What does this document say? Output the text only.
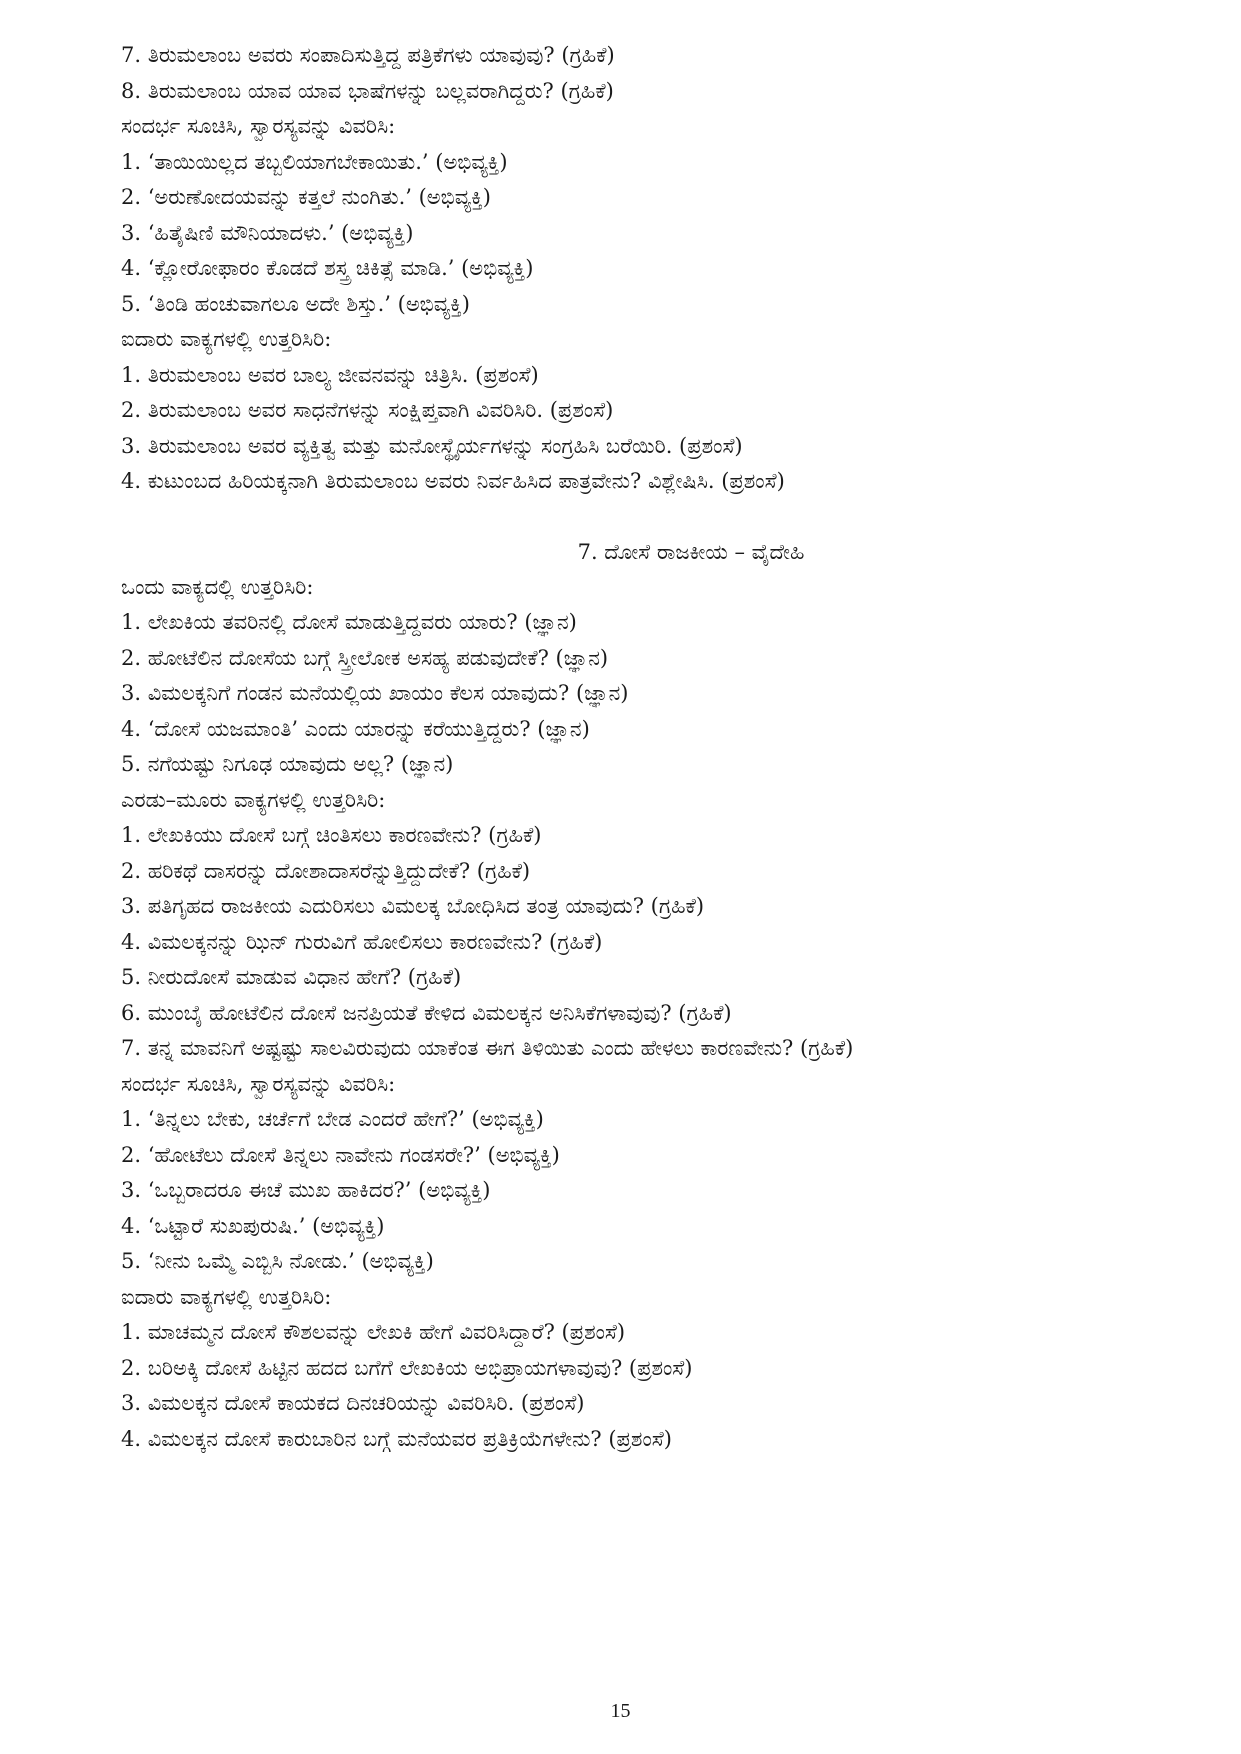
7. ತಿರುಮಲಾಂಬ ಅವರು ಸಂಪಾದಿಸುತ್ತಿದ್ದ ಪತ್ರಿಕೆಗಳು ಯಾವುವು? (ಗ್ರಹಿಕೆ)
8. ತಿರುಮಲಾಂಬ ಯಾವ ಯಾವ ಭಾಷೆಗಳನ್ನು ಬಲ್ಲವರಾಗಿದ್ದರು? (ಗ್ರಹಿಕೆ)
ಸಂದರ್ಭ ಸೂಚಿಸಿ, ಸ್ವಾರಸ್ಯವನ್ನು ವಿವರಿಸಿ:
1. ‘ತಾಯಿಯಿಲ್ಲದ ತಬ್ಬಲಿಯಾಗಬೇಕಾಯಿತು.’ (ಅಭಿವ್ಯಕ್ತಿ)
2. ‘ಅರುಣೋದಯವನ್ನು ಕತ್ತಲೆ ನುಂಗಿತು.’ (ಅಭಿವ್ಯಕ್ತಿ)
3. ‘ಹಿತೈಷಿಣಿ ಮೌನಿಯಾದಳು.’ (ಅಭಿವ್ಯಕ್ತಿ)
4. ‘ಕ್ಲೋರೋಫಾರಂ ಕೊಡದೆ ಶಸ್ತ್ರ ಚಿಕಿತ್ಸೆ ಮಾಡಿ.’ (ಅಭಿವ್ಯಕ್ತಿ)
5. ‘ತಿಂಡಿ ಹಂಚುವಾಗಲೂ ಅದೇ ಶಿಸ್ತು.’ (ಅಭಿವ್ಯಕ್ತಿ)
ಐದಾರು ವಾಕ್ಯಗಳಲ್ಲಿ ಉತ್ತರಿಸಿರಿ:
1. ತಿರುಮಲಾಂಬ ಅವರ ಬಾಲ್ಯ ಜೀವನವನ್ನು ಚಿತ್ರಿಸಿ. (ಪ್ರಶಂಸೆ)
2. ತಿರುಮಲಾಂಬ ಅವರ ಸಾಧನೆಗಳನ್ನು ಸಂಕ್ಷಿಪ್ತವಾಗಿ ವಿವರಿಸಿರಿ. (ಪ್ರಶಂಸೆ)
3. ತಿರುಮಲಾಂಬ ಅವರ ವ್ಯಕ್ತಿತ್ವ ಮತ್ತು ಮನೋಸ್ಥೈರ್ಯಗಳನ್ನು ಸಂಗ್ರಹಿಸಿ ಬರೆಯಿರಿ. (ಪ್ರಶಂಸೆ)
4. ಕುಟುಂಬದ ಹಿರಿಯಕ್ಕನಾಗಿ ತಿರುಮಲಾಂಬ ಅವರು ನಿರ್ವಹಿಸಿದ ಪಾತ್ರವೇನು? ವಿಶ್ಲೇಷಿಸಿ. (ಪ್ರಶಂಸೆ)
7. ದೋಸೆ ರಾಜಕೀಯ – ವೈದೇಹಿ
ಒಂದು ವಾಕ್ಯದಲ್ಲಿ ಉತ್ತರಿಸಿರಿ:
1. ಲೇಖಕಿಯ ತವರಿನಲ್ಲಿ ದೋಸೆ ಮಾಡುತ್ತಿದ್ದವರು ಯಾರು? (ಜ್ಞಾನ)
2. ಹೋಟೆಲಿನ ದೋಸೆಯ ಬಗ್ಗೆ ಸ್ತ್ರೀಲೋಕ ಅಸಹ್ಯ ಪಡುವುದೇಕೆ? (ಜ್ಞಾನ)
3. ವಿಮಲಕ್ಕನಿಗೆ ಗಂಡನ ಮನೆಯಲ್ಲಿಯ ಖಾಯಂ ಕೆಲಸ ಯಾವುದು? (ಜ್ಞಾನ)
4. ‘ದೋಸೆ ಯಜಮಾಂತಿ’ ಎಂದು ಯಾರನ್ನು ಕರೆಯುತ್ತಿದ್ದರು? (ಜ್ಞಾನ)
5. ನಗೆಯಷ್ಟು ನಿಗೂಢ ಯಾವುದು ಅಲ್ಲ? (ಜ್ಞಾನ)
ಎರಡು–ಮೂರು ವಾಕ್ಯಗಳಲ್ಲಿ ಉತ್ತರಿಸಿರಿ:
1. ಲೇಖಕಿಯು ದೋಸೆ ಬಗ್ಗೆ ಚಿಂತಿಸಲು ಕಾರಣವೇನು? (ಗ್ರಹಿಕೆ)
2. ಹರಿಕಥೆ ದಾಸರನ್ನು ದೋಶಾದಾಸರೆನ್ನುತ್ತಿದ್ದುದೇಕೆ? (ಗ್ರಹಿಕೆ)
3. ಪತಿಗೃಹದ ರಾಜಕೀಯ ಎದುರಿಸಲು ವಿಮಲಕ್ಕ ಬೋಧಿಸಿದ ತಂತ್ರ ಯಾವುದು? (ಗ್ರಹಿಕೆ)
4. ವಿಮಲಕ್ಕನನ್ನು ಝಿನ್ ಗುರುವಿಗೆ ಹೋಲಿಸಲು ಕಾರಣವೇನು? (ಗ್ರಹಿಕೆ)
5. ನೀರುದೋಸೆ ಮಾಡುವ ವಿಧಾನ ಹೇಗೆ? (ಗ್ರಹಿಕೆ)
6. ಮುಂಬೈ ಹೋಟೆಲಿನ ದೋಸೆ ಜನಪ್ರಿಯತೆ ಕೇಳಿದ ವಿಮಲಕ್ಕನ ಅನಿಸಿಕೆಗಳಾವುವು? (ಗ್ರಹಿಕೆ)
7. ತನ್ನ ಮಾವನಿಗೆ ಅಷ್ಟಷ್ಟು ಸಾಲವಿರುವುದು ಯಾಕೆಂತ ಈಗ ತಿಳಿಯಿತು ಎಂದು ಹೇಳಲು ಕಾರಣವೇನು? (ಗ್ರಹಿಕೆ)
ಸಂದರ್ಭ ಸೂಚಿಸಿ, ಸ್ವಾರಸ್ಯವನ್ನು ವಿವರಿಸಿ:
1. ‘ತಿನ್ನಲು ಬೇಕು, ಚರ್ಚೆಗೆ ಬೇಡ ಎಂದರೆ ಹೇಗೆ?’ (ಅಭಿವ್ಯಕ್ತಿ)
2. ‘ಹೋಟೆಲು ದೋಸೆ ತಿನ್ನಲು ನಾವೇನು ಗಂಡಸರೇ?’ (ಅಭಿವ್ಯಕ್ತಿ)
3. ‘ಒಬ್ಬರಾದರೂ ಈಚೆ ಮುಖ ಹಾಕಿದರ?’ (ಅಭಿವ್ಯಕ್ತಿ)
4. ‘ಒಟ್ಟಾರೆ ಸುಖಪುರುಷಿ.’ (ಅಭಿವ್ಯಕ್ತಿ)
5. ‘ನೀನು ಒಮ್ಮೆ ಎಬ್ಬಿಸಿ ನೋಡು.’ (ಅಭಿವ್ಯಕ್ತಿ)
ಐದಾರು ವಾಕ್ಯಗಳಲ್ಲಿ ಉತ್ತರಿಸಿರಿ:
1. ಮಾಚಮ್ಮನ ದೋಸೆ ಕೌಶಲವನ್ನು ಲೇಖಕಿ ಹೇಗೆ ವಿವರಿಸಿದ್ದಾರೆ? (ಪ್ರಶಂಸೆ)
2. ಬರಿಅಕ್ಕಿ ದೋಸೆ ಹಿಟ್ಟಿನ ಹದದ ಬಗೆಗೆ ಲೇಖಕಿಯ ಅಭಿಪ್ರಾಯಗಳಾವುವು? (ಪ್ರಶಂಸೆ)
3. ವಿಮಲಕ್ಕನ ದೋಸೆ ಕಾಯಕದ ದಿನಚರಿಯನ್ನು ವಿವರಿಸಿರಿ. (ಪ್ರಶಂಸೆ)
4. ವಿಮಲಕ್ಕನ ದೋಸೆ ಕಾರುಬಾರಿನ ಬಗ್ಗೆ ಮನೆಯವರ ಪ್ರತಿಕ್ರಿಯೆಗಳೇನು? (ಪ್ರಶಂಸೆ)
15
